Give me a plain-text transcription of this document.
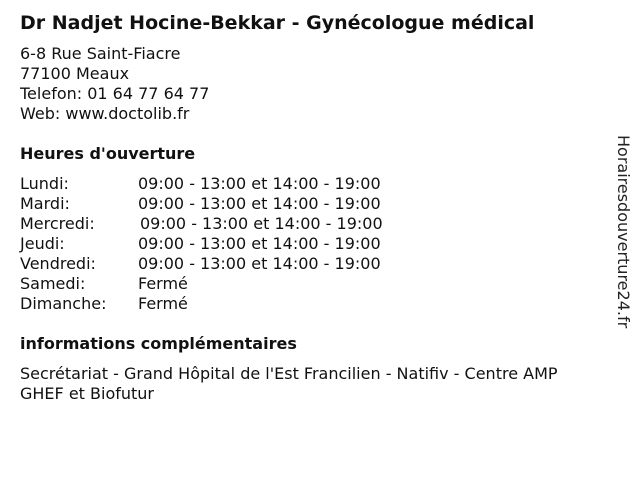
Dr Nadjet Hocine-Bekkar - Gynécologue médical
6-8 Rue Saint-Fiacre
77100 Meaux
Telefon: 01 64 77 64 77
Web: www.doctolib.fr
Heures d'ouverture
Lundi:	09:00 - 13:00 et 14:00 - 19:00
Mardi:	09:00 - 13:00 et 14:00 - 19:00
Mercredi:	09:00 - 13:00 et 14:00 - 19:00
Jeudi:	09:00 - 13:00 et 14:00 - 19:00
Vendredi:	09:00 - 13:00 et 14:00 - 19:00
Samedi:	Fermé
Dimanche: Fermé
informations complémentaires
Secrétariat - Grand Hôpital de l'Est Francilien - Natifiv - Centre AMP GHEF et Biofutur
Horairesdouverture24.fr
